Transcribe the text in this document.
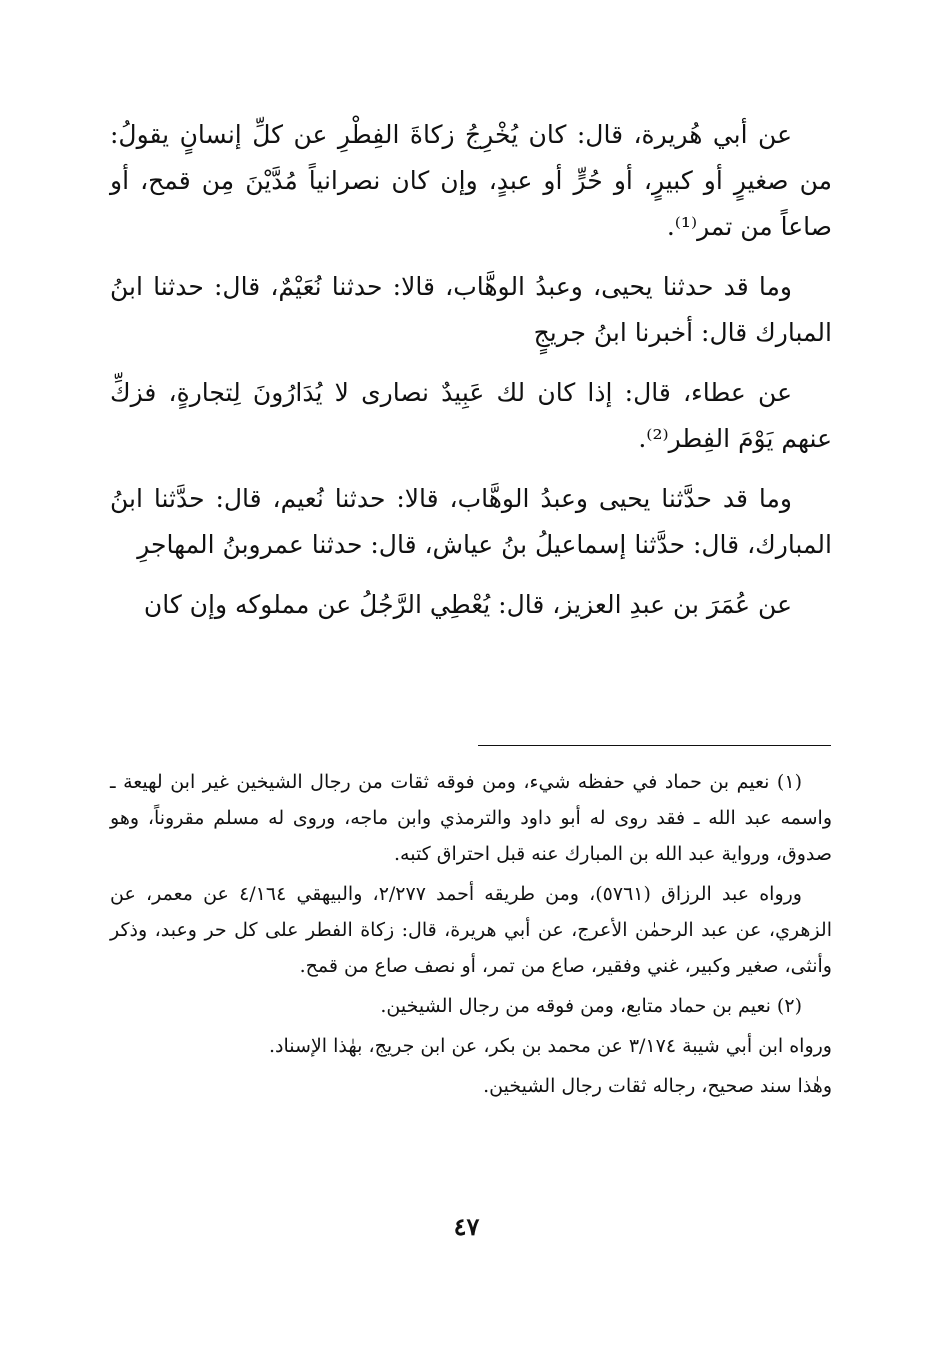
عن أبي هُريرة، قال: كان يُخْرِجُ زكاةَ الفِطْرِ عن كلِّ إنسانٍ يقولُ: من صغيرٍ أو كبيرٍ، أو حُرٍّ أو عبدٍ، وإن كان نصرانياً مُدَّيْنَ مِن قمح، أو صاعاً من تمر⁽¹⁾.

وما قد حدثنا يحيى، وعبدُ الوهَّاب، قالا: حدثنا نُعَيْمٌ، قال: حدثنا ابنُ المبارك قال: أخبرنا ابنُ جريجٍ

عن عطاء، قال: إذا كان لك عَبِيدٌ نصارى لا يُدَارُونَ لِتجارةٍ، فزكِّ عنهم يَوْمَ الفِطر⁽²⁾.

وما قد حدَّثنا يحيى وعبدُ الوهَّاب، قالا: حدثنا نُعيم، قال: حدَّثنا ابنُ المبارك، قال: حدَّثنا إسماعيلُ بنُ عياش، قال: حدثنا عمروبنُ المهاجرِ

عن عُمَرَ بن عبدِ العزيز، قال: يُعْطِي الرَّجُلُ عن مملوكه وإن كان

(١) نعيم بن حماد في حفظه شيء، ومن فوقه ثقات من رجال الشيخين غير ابن لهيعة ـ واسمه عبد الله ـ فقد روى له أبو داود والترمذي وابن ماجه، وروى له مسلم مقروناً، وهو صدوق، ورواية عبد الله بن المبارك عنه قبل احتراق كتبه.

ورواه عبد الرزاق (٥٧٦١)، ومن طريقه أحمد ٢/٢٧٧، والبيهقي ٤/١٦٤ عن معمر، عن الزهري، عن عبد الرحمٰن الأعرج، عن أبي هريرة، قال: زكاة الفطر على كل حر وعبد، وذكر وأنثى، صغير وكبير، غني وفقير، صاع من تمر، أو نصف صاع من قمح.

(٢) نعيم بن حماد متابع، ومن فوقه من رجال الشيخين.

ورواه ابن أبي شيبة ٣/١٧٤ عن محمد بن بكر، عن ابن جريج، بهٰذا الإسناد.

وهٰذا سند صحيح، رجاله ثقات رجال الشيخين.

٤٧
